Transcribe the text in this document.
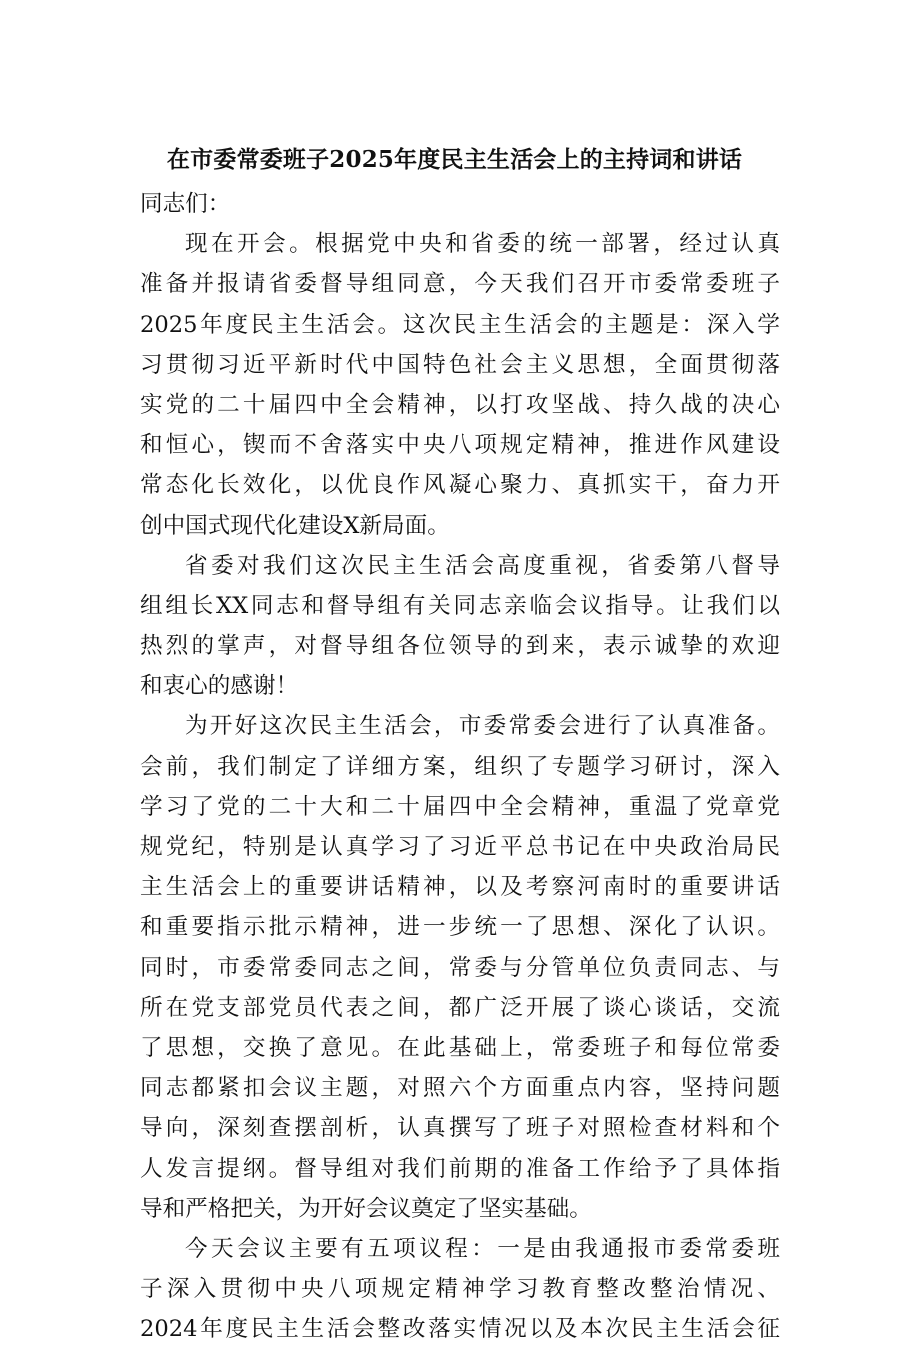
在市委常委班子2025年度民主生活会上的主持词和讲话
同志们：
现在开会。根据党中央和省委的统一部署，经过认真
准备并报请省委督导组同意，今天我们召开市委常委班子
2025年度民主生活会。这次民主生活会的主题是：深入学
习贯彻习近平新时代中国特色社会主义思想，全面贯彻落
实党的二十届四中全会精神，以打攻坚战、持久战的决心
和恒心，锲而不舍落实中央八项规定精神，推进作风建设
常态化长效化，以优良作风凝心聚力、真抓实干，奋力开
创中国式现代化建设X新局面。
省委对我们这次民主生活会高度重视，省委第八督导
组组长XX同志和督导组有关同志亲临会议指导。让我们以
热烈的掌声，对督导组各位领导的到来，表示诚挚的欢迎
和衷心的感谢！
为开好这次民主生活会，市委常委会进行了认真准备。
会前，我们制定了详细方案，组织了专题学习研讨，深入
学习了党的二十大和二十届四中全会精神，重温了党章党
规党纪，特别是认真学习了习近平总书记在中央政治局民
主生活会上的重要讲话精神，以及考察河南时的重要讲话
和重要指示批示精神，进一步统一了思想、深化了认识。
同时，市委常委同志之间，常委与分管单位负责同志、与
所在党支部党员代表之间，都广泛开展了谈心谈话，交流
了思想，交换了意见。在此基础上，常委班子和每位常委
同志都紧扣会议主题，对照六个方面重点内容，坚持问题
导向，深刻查摆剖析，认真撰写了班子对照检查材料和个
人发言提纲。督导组对我们前期的准备工作给予了具体指
导和严格把关，为开好会议奠定了坚实基础。
今天会议主要有五项议程：一是由我通报市委常委班
子深入贯彻中央八项规定精神学习教育整改整治情况、
2024年度民主生活会整改落实情况以及本次民主生活会征
